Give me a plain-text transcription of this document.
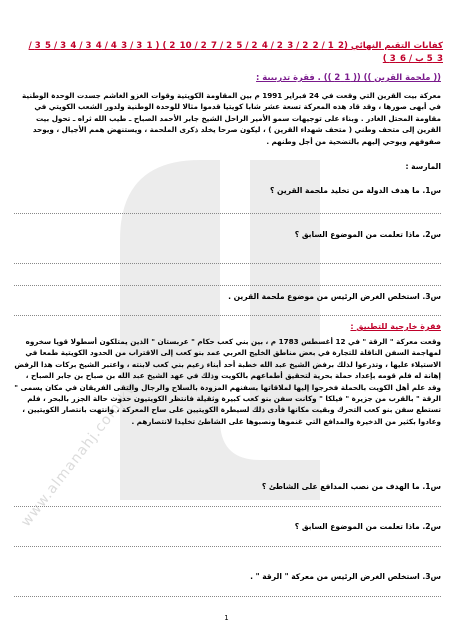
www.almanahj.com/kw
كفايات التقيم النهائي (2_1 / 2_2 / 3_2 / 4_2 / 5_2 / 7_2 / 10_2 ) ( 1_3 / 3_4 / 4_3 / 4_3 / 5_3 / 3_5 ب / 6_3 )
(( ملحمة القرين )) (( 1_2 )) . فقرة تدريبية :
معركة بيت القرين التي وقعت في 24 فبراير 1991 م بين المقاومة الكويتية وقوات الغزو الغاشم جسدت الوحدة الوطنية في أبهى صورها ، وقد قاد هذه المعركة تسعة عشر شابا كويتيا قدموا مثالا للوحدة الوطنية ولدور الشعب الكويتي في مقاومة المحتل الغادر . وبناء على توجيهات سمو الأمير الراحل الشيخ جابر الأحمد الصباح ـ طيب الله ثراه ـ تحول بيت القرين إلى متحف وطني ( متحف شهداء القرين ) ، ليكون صرحا يخلد ذكرى الملحمة ، ويستنهض همم الأجيال ، ويوحد صفوفهم ويوحي إليهم بالتضحية من أجل وطنهم .
المارسة :
س1. ما هدف الدولة من تخليد ملحمة القرين ؟
س2. ماذا تعلمت من الموضوع السابق ؟
س3. استخلص الغرض الرئيس من موضوع ملحمة القرين .
فقرة خارجية للتطبيق :
وقعت معركة " الرقة " في 12 أغسطس 1783 م ، بين بني كعب حكام " عربستان " الذين يمتلكون أسطولا قويا سخروه لمهاجمة السفن الناقلة للتجارة في بعض مناطق الخليج العربي عمد بنو كعب إلى الاقتراب من الحدود الكويتية طمعا في الاستيلاء عليها ، وتذرعوا لذلك برفض الشيخ عبد الله خطبة أحد أبناء زعيم بني كعب لابنته ، واعتبر الشيخ بركات هذا الرفض إهانة له فلم قومه بإعداد حملة بحرية لتحقيق أطماعهم بالكويت وذلك في عهد الشيخ عبد الله بن صباح بن جابر الصباح ، وقد علم أهل الكويت بالحملة فخرجوا إليها لملاقاتها بسفنهم المزودة بالسلاح والرجال والتقى الفريقان في مكان يسمى " الرقة " بالقرب من جزيرة " فيلكا " وكانت سفن بنو كعب كبيرة وثقيلة فانتظر الكويتيون حدوث حالة الجزر بالبحر ، فلم تستطع سفن بنو كعب التحرك وبقيت مكانها فأدى ذلك لسيطرة الكويتيين على ساح المعركة ، وانتهت بانتصار الكويتيين ، وعادوا بكثير من الذخيرة والمدافع التي غنموها ونصبوها على الشاطئ تخليدا لانتصارهم .
س1. ما الهدف من نصب المدافع على الشاطئ ؟
س2. ماذا تعلمت من الموضوع السابق ؟
س3. استخلص الغرض الرئيس من معركة " الرقة " .
1
